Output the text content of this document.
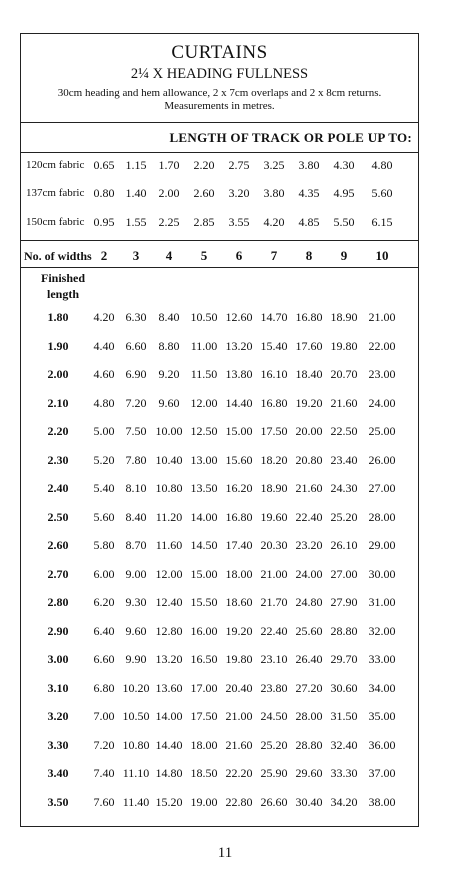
CURTAINS
2¼ X HEADING FULLNESS
30cm heading and hem allowance, 2 x 7cm overlaps and 2 x 8cm returns.
Measurements in metres.
LENGTH OF TRACK OR POLE UP TO:
120cm fabric 0.65 1.15 1.70 2.20 2.75 3.25 3.80 4.30 4.80
137cm fabric 0.80 1.40 2.00 2.60 3.20 3.80 4.35 4.95 5.60
150cm fabric 0.95 1.55 2.25 2.85 3.55 4.20 4.85 5.50 6.15
No. of widths 2 3 4 5 6 7 8 9 10
Finished
length
1.80 4.20 6.30 8.40 10.50 12.60 14.70 16.80 18.90 21.00
1.90 4.40 6.60 8.80 11.00 13.20 15.40 17.60 19.80 22.00
2.00 4.60 6.90 9.20 11.50 13.80 16.10 18.40 20.70 23.00
2.10 4.80 7.20 9.60 12.00 14.40 16.80 19.20 21.60 24.00
2.20 5.00 7.50 10.00 12.50 15.00 17.50 20.00 22.50 25.00
2.30 5.20 7.80 10.40 13.00 15.60 18.20 20.80 23.40 26.00
2.40 5.40 8.10 10.80 13.50 16.20 18.90 21.60 24.30 27.00
2.50 5.60 8.40 11.20 14.00 16.80 19.60 22.40 25.20 28.00
2.60 5.80 8.70 11.60 14.50 17.40 20.30 23.20 26.10 29.00
2.70 6.00 9.00 12.00 15.00 18.00 21.00 24.00 27.00 30.00
2.80 6.20 9.30 12.40 15.50 18.60 21.70 24.80 27.90 31.00
2.90 6.40 9.60 12.80 16.00 19.20 22.40 25.60 28.80 32.00
3.00 6.60 9.90 13.20 16.50 19.80 23.10 26.40 29.70 33.00
3.10 6.80 10.20 13.60 17.00 20.40 23.80 27.20 30.60 34.00
3.20 7.00 10.50 14.00 17.50 21.00 24.50 28.00 31.50 35.00
3.30 7.20 10.80 14.40 18.00 21.60 25.20 28.80 32.40 36.00
3.40 7.40 11.10 14.80 18.50 22.20 25.90 29.60 33.30 37.00
3.50 7.60 11.40 15.20 19.00 22.80 26.60 30.40 34.20 38.00
11
